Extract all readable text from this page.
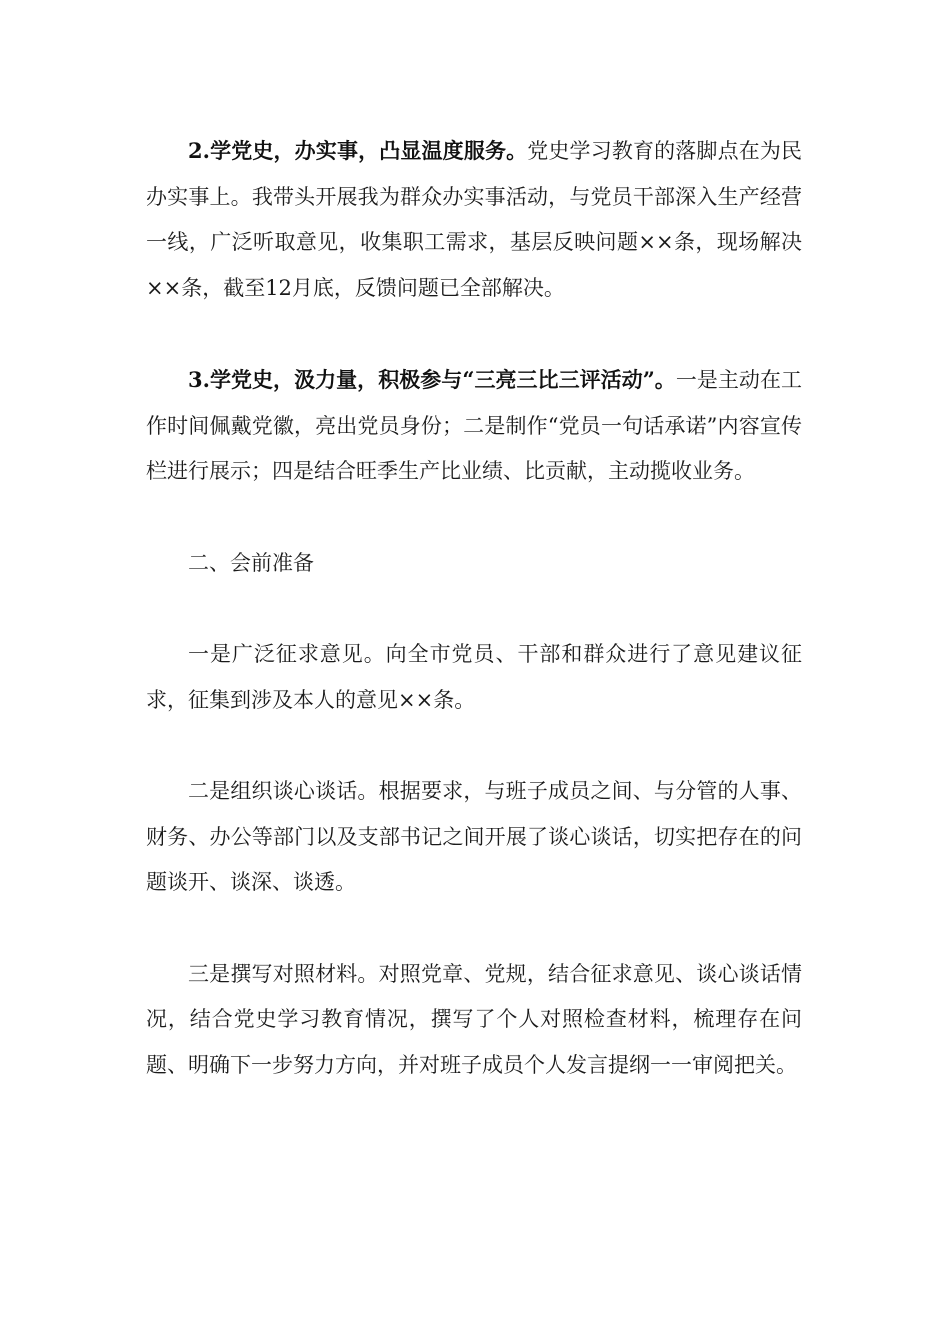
2.学党史，办实事，凸显温度服务。党史学习教育的落脚点在为民办实事上。我带头开展我为群众办实事活动，与党员干部深入生产经营一线，广泛听取意见，收集职工需求，基层反映问题××条，现场解决××条，截至12月底，反馈问题已全部解决。

3.学党史，汲力量，积极参与“三亮三比三评活动”。一是主动在工作时间佩戴党徽，亮出党员身份；二是制作“党员一句话承诺”内容宣传栏进行展示；四是结合旺季生产比业绩、比贡献，主动揽收业务。

二、会前准备

一是广泛征求意见。向全市党员、干部和群众进行了意见建议征求，征集到涉及本人的意见××条。

二是组织谈心谈话。根据要求，与班子成员之间、与分管的人事、财务、办公等部门以及支部书记之间开展了谈心谈话，切实把存在的问题谈开、谈深、谈透。

三是撰写对照材料。对照党章、党规，结合征求意见、谈心谈话情况，结合党史学习教育情况，撰写了个人对照检查材料，梳理存在问题、明确下一步努力方向，并对班子成员个人发言提纲一一审阅把关。
